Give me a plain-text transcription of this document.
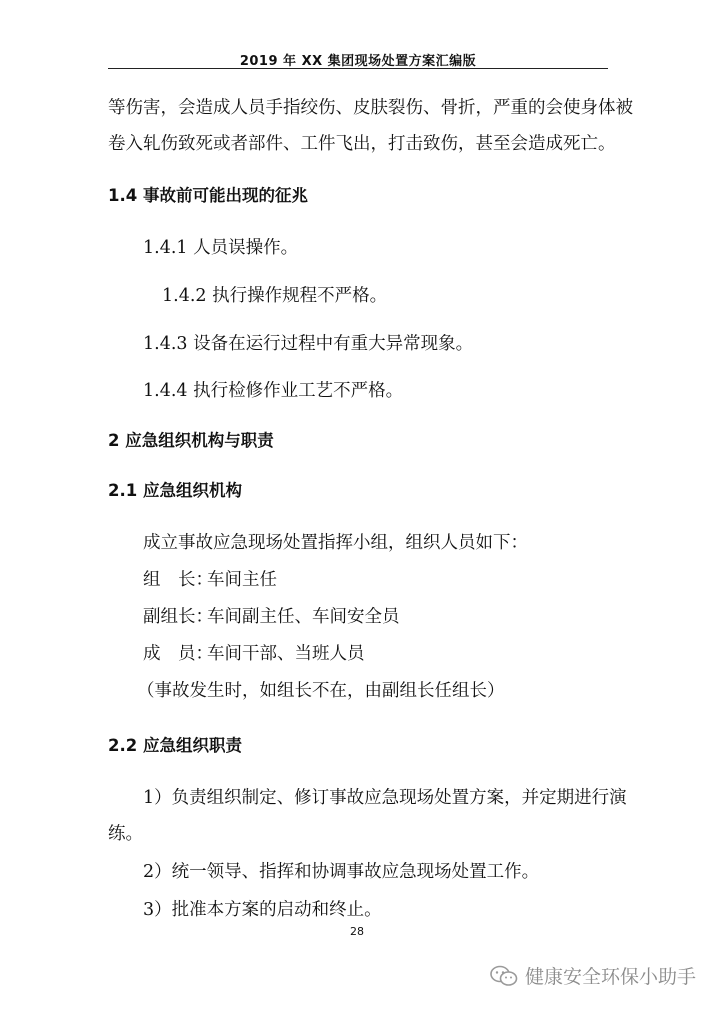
2019 年 XX 集团现场处置方案汇编版
等伤害，会造成人员手指绞伤、皮肤裂伤、骨折，严重的会使身体被
卷入轧伤致死或者部件、工件飞出，打击致伤，甚至会造成死亡。
1.4 事故前可能出现的征兆
1.4.1 人员误操作。
1.4.2 执行操作规程不严格。
1.4.3 设备在运行过程中有重大异常现象。
1.4.4 执行检修作业工艺不严格。
2 应急组织机构与职责
2.1 应急组织机构
成立事故应急现场处置指挥小组，组织人员如下：
组　长：车间主任
副组长：车间副主任、车间安全员
成　员：车间干部、当班人员
（事故发生时，如组长不在，由副组长任组长）
2.2 应急组织职责
1）负责组织制定、修订事故应急现场处置方案，并定期进行演
练。
2）统一领导、指挥和协调事故应急现场处置工作。
3）批准本方案的启动和终止。
28
健康安全环保小助手
